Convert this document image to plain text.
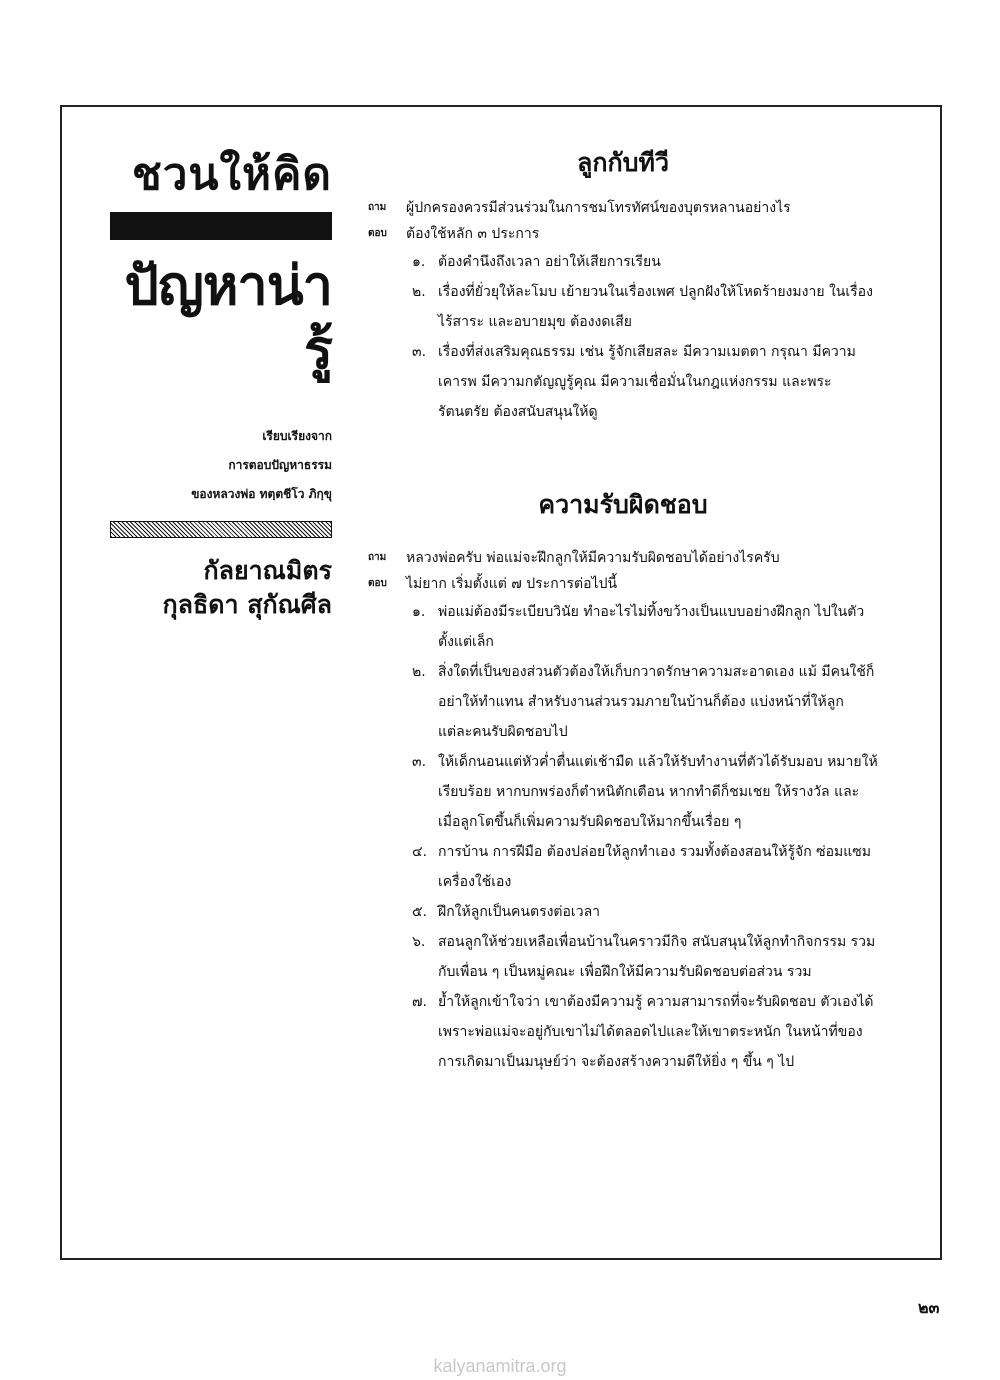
ชวนให้คิด
ปัญหาน่ารู้
เรียบเรียงจาก
การตอบปัญหาธรรม
ของหลวงพ่อ ทตฺตชีโว ภิกฺขุ
กัลยาณมิตร
กุลธิดา สุกัณศีล
ลูกกับทีวี
ถาม	ผู้ปกครองควรมีส่วนร่วมในการชมโทรทัศน์ของบุตรหลานอย่างไร
ตอบ	ต้องใช้หลัก ๓ ประการ
๑. ต้องคำนึงถึงเวลา อย่าให้เสียการเรียน
๒. เรื่องที่ยั่วยุให้ละโมบ เย้ายวนในเรื่องเพศ ปลูกฝังให้โหดร้ายงมงาย ในเรื่องไร้สาระ และอบายมุข ต้องงดเสีย
๓. เรื่องที่ส่งเสริมคุณธรรม เช่น รู้จักเสียสละ มีความเมตตา กรุณา มีความเคารพ มีความกตัญญูรู้คุณ มีความเชื่อมั่นในกฎแห่งกรรม และพระรัตนตรัย ต้องสนับสนุนให้ดู
ความรับผิดชอบ
ถาม	หลวงพ่อครับ พ่อแม่จะฝึกลูกให้มีความรับผิดชอบได้อย่างไรครับ
ตอบ	ไม่ยาก เริ่มตั้งแต่ ๗ ประการต่อไปนี้
๑. พ่อแม่ต้องมีระเบียบวินัย ทำอะไรไม่ทิ้งขว้างเป็นแบบอย่างฝึกลูก ไปในตัวตั้งแต่เล็ก
๒. สิ่งใดที่เป็นของส่วนตัวต้องให้เก็บกวาดรักษาความสะอาดเอง แม้ มีคนใช้ก็อย่าให้ทำแทน สำหรับงานส่วนรวมภายในบ้านก็ต้อง แบ่งหน้าที่ให้ลูกแต่ละคนรับผิดชอบไป
๓. ให้เด็กนอนแต่หัวค่ำตื่นแต่เช้ามืด แล้วให้รับทำงานที่ตัวได้รับมอบ หมายให้เรียบร้อย หากบกพร่องก็ตำหนิตักเตือน หากทำดีก็ชมเชย ให้รางวัล และเมื่อลูกโตขึ้นก็เพิ่มความรับผิดชอบให้มากขึ้นเรื่อย ๆ
๔. การบ้าน การฝีมือ ต้องปล่อยให้ลูกทำเอง รวมทั้งต้องสอนให้รู้จัก ซ่อมแซมเครื่องใช้เอง
๕. ฝึกให้ลูกเป็นคนตรงต่อเวลา
๖. สอนลูกให้ช่วยเหลือเพื่อนบ้านในคราวมีกิจ สนับสนุนให้ลูกทำกิจกรรม รวมกับเพื่อน ๆ เป็นหมู่คณะ เพื่อฝึกให้มีความรับผิดชอบต่อส่วน รวม
๗. ย้ำให้ลูกเข้าใจว่า เขาต้องมีความรู้ ความสามารถที่จะรับผิดชอบ ตัวเองได้ เพราะพ่อแม่จะอยู่กับเขาไม่ได้ตลอดไปและให้เขาตระหนัก ในหน้าที่ของการเกิดมาเป็นมนุษย์ว่า จะต้องสร้างความดีให้ยิ่ง ๆ ขึ้น ๆ ไป
๒๓
kalyanamitra.org
